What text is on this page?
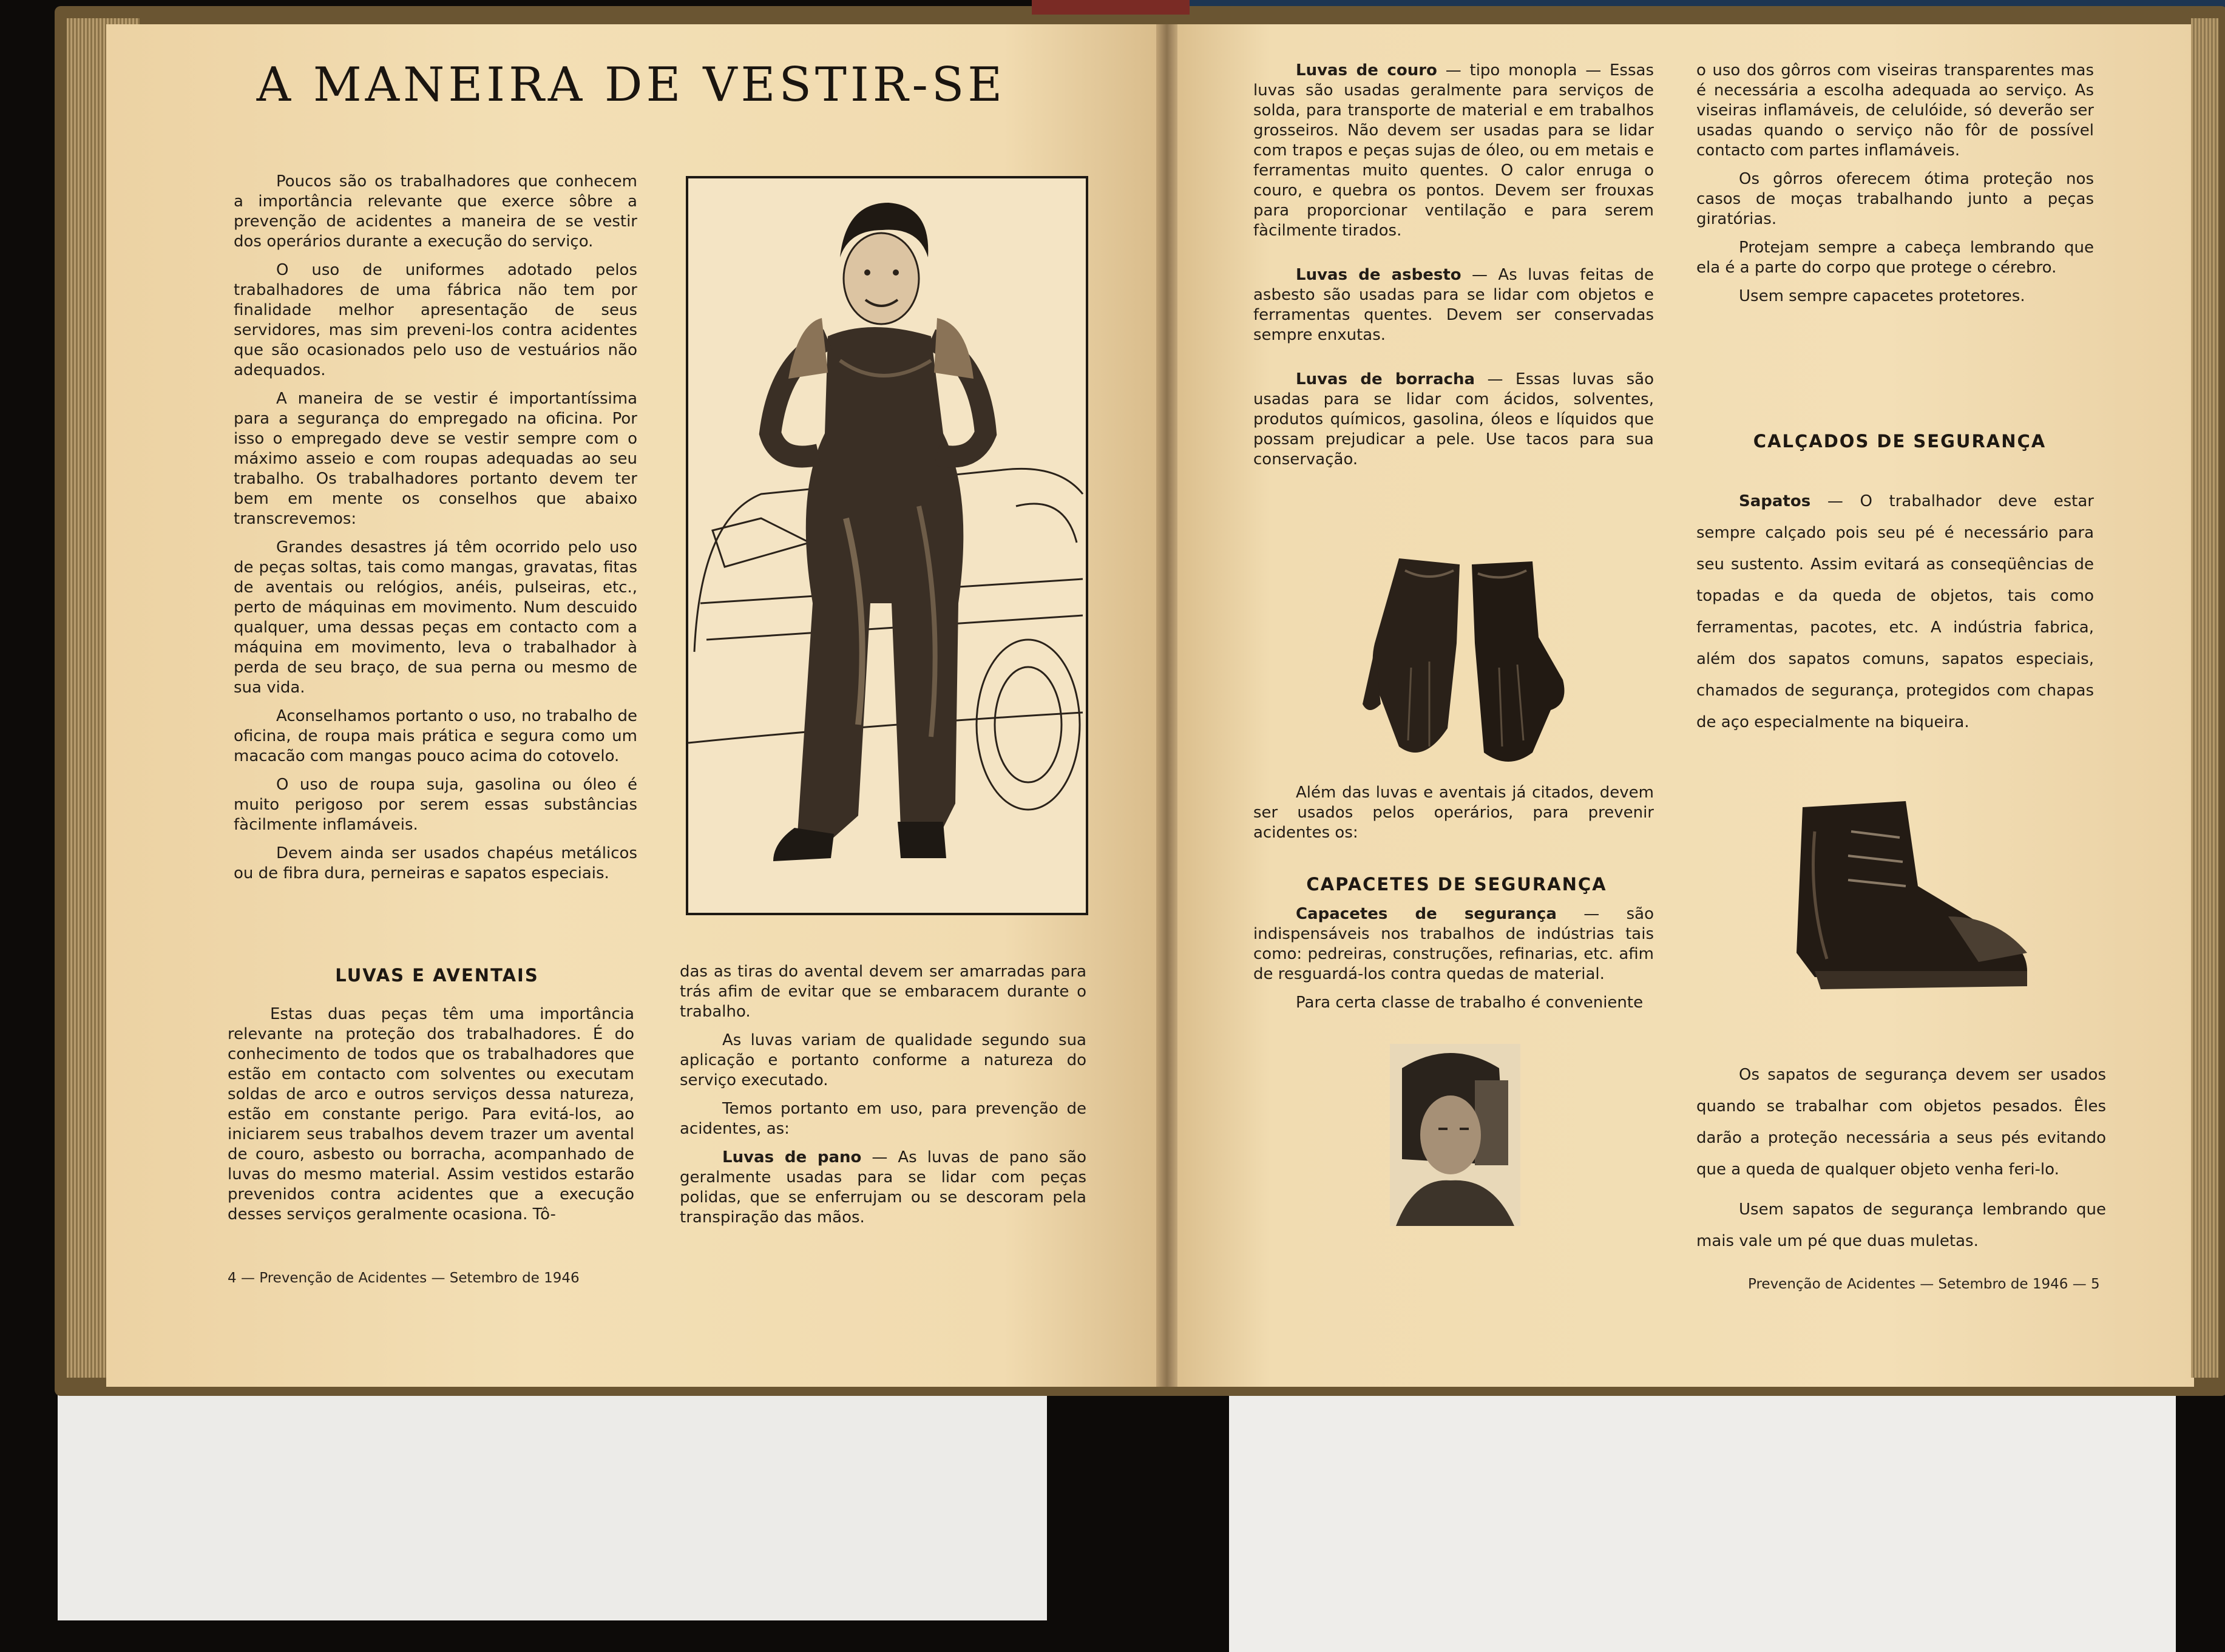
A MANEIRA DE VESTIR-SE

Poucos são os trabalhadores que conhecem a importância relevante que exerce sôbre a prevenção de acidentes a maneira de se vestir dos operários durante a execução do serviço.

O uso de uniformes adotado pelos trabalhadores de uma fábrica não tem por finalidade melhor apresentação de seus servidores, mas sim preveni-los contra acidentes que são ocasionados pelo uso de vestuários não adequados.

A maneira de se vestir é importantíssima para a segurança do empregado na oficina. Por isso o empregado deve se vestir sempre com o máximo asseio e com roupas adequadas ao seu trabalho. Os trabalhadores portanto devem ter bem em mente os conselhos que abaixo transcrevemos:

Grandes desastres já têm ocorrido pelo uso de peças soltas, tais como mangas, gravatas, fitas de aventais ou relógios, anéis, pulseiras, etc., perto de máquinas em movimento. Num descuido qualquer, uma dessas peças em contacto com a máquina em movimento, leva o trabalhador à perda de seu braço, de sua perna ou mesmo de sua vida.

Aconselhamos portanto o uso, no trabalho de oficina, de roupa mais prática e segura como um macacão com mangas pouco acima do cotovelo.

O uso de roupa suja, gasolina ou óleo é muito perigoso por serem essas substâncias fàcilmente inflamáveis.

Devem ainda ser usados chapéus metálicos ou de fibra dura, perneiras e sapatos especiais.

LUVAS E AVENTAIS

Estas duas peças têm uma importância relevante na proteção dos trabalhadores. É do conhecimento de todos que os trabalhadores que estão em contacto com solventes ou executam soldas de arco e outros serviços dessa natureza, estão em constante perigo. Para evitá-los, ao iniciarem seus trabalhos devem trazer um avental de couro, asbesto ou borracha, acompanhado de luvas do mesmo material. Assim vestidos estarão prevenidos contra acidentes que a execução desses serviços geralmente ocasiona. Tô-

das as tiras do avental devem ser amarradas para trás afim de evitar que se embaracem durante o trabalho.

As luvas variam de qualidade segundo sua aplicação e portanto conforme a natureza do serviço executado.

Temos portanto em uso, para prevenção de acidentes, as:

Luvas de pano — As luvas de pano são geralmente usadas para se lidar com peças polidas, que se enferrujam ou se descoram pela transpiração das mãos.

4 — Prevenção de Acidentes — Setembro de 1946

Luvas de couro — tipo monopla — Essas luvas são usadas geralmente para serviços de solda, para transporte de material e em trabalhos grosseiros. Não devem ser usadas para se lidar com trapos e peças sujas de óleo, ou em metais e ferramentas muito quentes. O calor enruga o couro, e quebra os pontos. Devem ser frouxas para proporcionar ventilação e para serem fàcilmente tirados.

Luvas de asbesto — As luvas feitas de asbesto são usadas para se lidar com objetos e ferramentas quentes. Devem ser conservadas sempre enxutas.

Luvas de borracha — Essas luvas são usadas para se lidar com ácidos, solventes, produtos químicos, gasolina, óleos e líquidos que possam prejudicar a pele. Use tacos para sua conservação.

Além das luvas e aventais já citados, devem ser usados pelos operários, para prevenir acidentes os:

CAPACETES DE SEGURANÇA

Capacetes de segurança — são indispensáveis nos trabalhos de indústrias tais como: pedreiras, construções, refinarias, etc. afim de resguardá-los contra quedas de material.

Para certa classe de trabalho é conveniente

o uso dos gôrros com viseiras transparentes mas é necessária a escolha adequada ao serviço. As viseiras inflamáveis, de celulóide, só deverão ser usadas quando o serviço não fôr de possível contacto com partes inflamáveis.

Os gôrros oferecem ótima proteção nos casos de moças trabalhando junto a peças giratórias.

Protejam sempre a cabeça lembrando que ela é a parte do corpo que protege o cérebro.

Usem sempre capacetes protetores.

CALÇADOS DE SEGURANÇA

Sapatos — O trabalhador deve estar sempre calçado pois seu pé é necessário para seu sustento. Assim evitará as conseqüências de topadas e da queda de objetos, tais como ferramentas, pacotes, etc. A indústria fabrica, além dos sapatos comuns, sapatos especiais, chamados de segurança, protegidos com chapas de aço especialmente na biqueira.

Os sapatos de segurança devem ser usados quando se trabalhar com objetos pesados. Êles darão a proteção necessária a seus pés evitando que a queda de qualquer objeto venha feri-lo.

Usem sapatos de segurança lembrando que mais vale um pé que duas muletas.

Prevenção de Acidentes — Setembro de 1946 — 5
